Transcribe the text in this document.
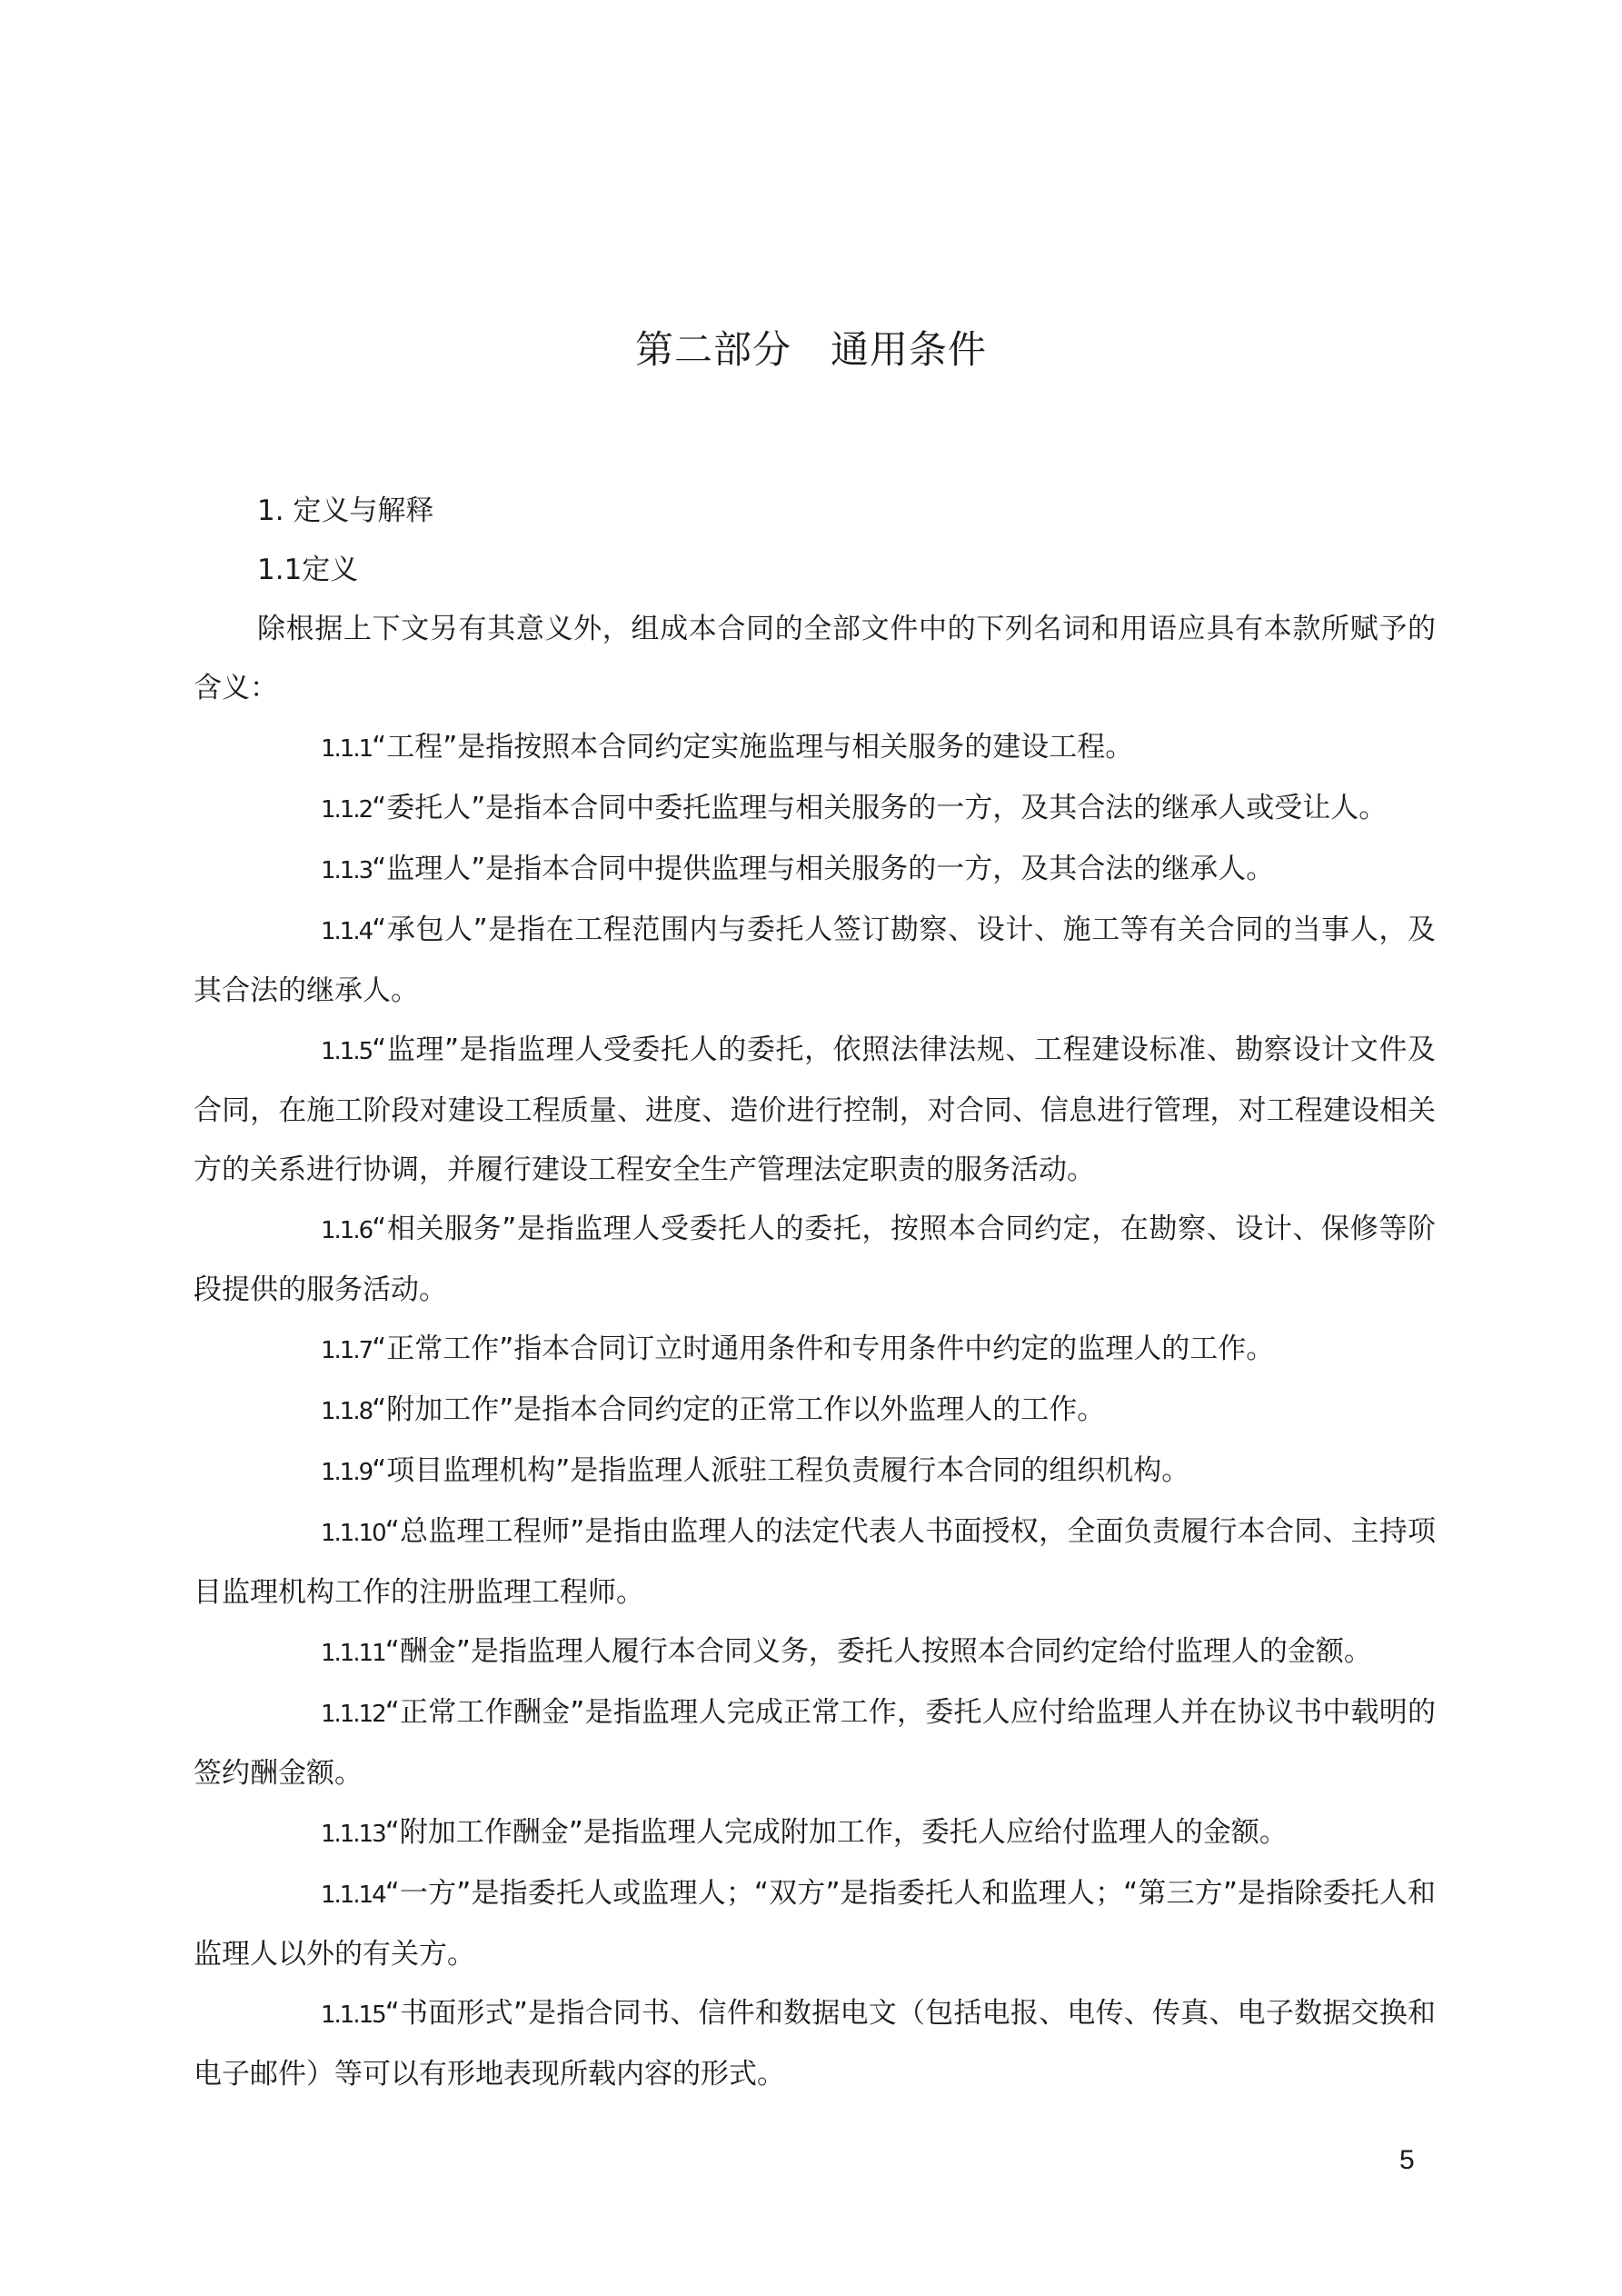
第二部分　通用条件

1. 定义与解释

1.1定义

除根据上下文另有其意义外，组成本合同的全部文件中的下列名词和用语应具有本款所赋予的含义：

1.1.1“工程”是指按照本合同约定实施监理与相关服务的建设工程。

1.1.2“委托人”是指本合同中委托监理与相关服务的一方，及其合法的继承人或受让人。

1.1.3“监理人”是指本合同中提供监理与相关服务的一方，及其合法的继承人。

1.1.4“承包人”是指在工程范围内与委托人签订勘察、设计、施工等有关合同的当事人，及其合法的继承人。

1.1.5“监理”是指监理人受委托人的委托，依照法律法规、工程建设标准、勘察设计文件及合同，在施工阶段对建设工程质量、进度、造价进行控制，对合同、信息进行管理，对工程建设相关方的关系进行协调，并履行建设工程安全生产管理法定职责的服务活动。

1.1.6“相关服务”是指监理人受委托人的委托，按照本合同约定，在勘察、设计、保修等阶段提供的服务活动。

1.1.7“正常工作”指本合同订立时通用条件和专用条件中约定的监理人的工作。

1.1.8“附加工作”是指本合同约定的正常工作以外监理人的工作。

1.1.9“项目监理机构”是指监理人派驻工程负责履行本合同的组织机构。

1.1.10“总监理工程师”是指由监理人的法定代表人书面授权，全面负责履行本合同、主持项目监理机构工作的注册监理工程师。

1.1.11“酬金”是指监理人履行本合同义务，委托人按照本合同约定给付监理人的金额。

1.1.12“正常工作酬金”是指监理人完成正常工作，委托人应付给监理人并在协议书中载明的签约酬金额。

1.1.13“附加工作酬金”是指监理人完成附加工作，委托人应给付监理人的金额。

1.1.14“一方”是指委托人或监理人；“双方”是指委托人和监理人；“第三方”是指除委托人和监理人以外的有关方。

1.1.15“书面形式”是指合同书、信件和数据电文（包括电报、电传、传真、电子数据交换和电子邮件）等可以有形地表现所载内容的形式。

5
